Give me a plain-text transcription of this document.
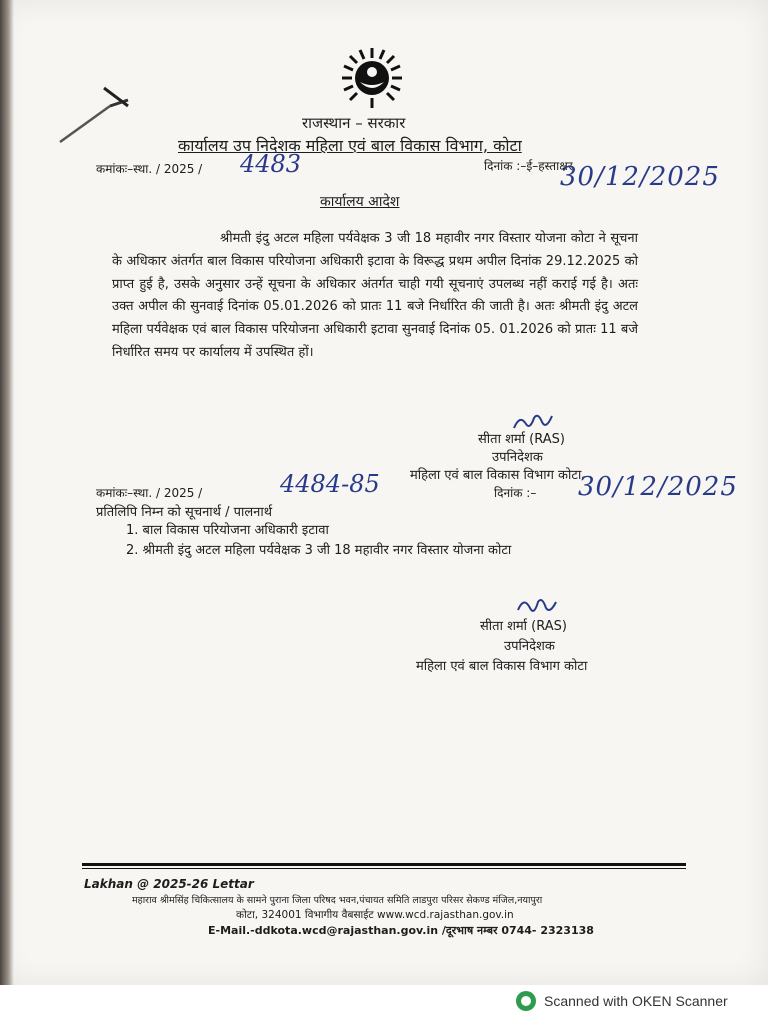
राजस्थान – सरकार
कार्यालय उप निदेशक महिला एवं बाल विकास विभाग, कोटा
कमांकः–स्था. / 2025 / 4483	दिनांक :–ई–हस्ताक्षर
30/12/2025
कार्यालय आदेश

श्रीमती इंदु अटल महिला पर्यवेक्षक 3 जी 18 महावीर नगर विस्तार योजना कोटा ने सूचना के अधिकार अंतर्गत बाल विकास परियोजना अधिकारी इटावा के विरूद्ध प्रथम अपील दिनांक 29.12.2025 को प्राप्त हुई है, उसके अनुसार उन्हें सूचना के अधिकार अंतर्गत चाही गयी सूचनाएं उपलब्ध नहीं कराई गई है। अतः उक्त अपील की सुनवाई दिनांक 05.01.2026 को प्रातः 11 बजे निर्धारित की जाती है। अतः श्रीमती इंदु अटल महिला पर्यवेक्षक एवं बाल विकास परियोजना अधिकारी इटावा सुनवाई दिनांक 05. 01.2026 को प्रातः 11 बजे निर्धारित समय पर कार्यालय में उपस्थित हों।

सीता शर्मा (RAS)
उपनिदेशक
महिला एवं बाल विकास विभाग कोटा
कमांकः–स्था. / 2025 /	4484-85	दिनांक :– 30/12/2025
प्रतिलिपि निम्न को सूचनार्थ / पालनार्थ
1. बाल विकास परियोजना अधिकारी इटावा
2. श्रीमती इंदु अटल महिला पर्यवेक्षक 3 जी 18 महावीर नगर विस्तार योजना कोटा
सीता शर्मा (RAS)
उपनिदेशक
महिला एवं बाल विकास विभाग कोटा
Lakhan @ 2025-26 Lettar
महाराव श्रीमसिंह चिकित्सालय के सामने पुराना जिला परिषद भवन,पंचायत समिति लाडपुरा परिसर सेकण्ड मंजिल,नयापुरा
कोटा, 324001 विभागीय वैबसाईट www.wcd.rajasthan.gov.in
E-Mail.-ddkota.wcd@rajasthan.gov.in /दूरभाष नम्बर 0744- 2323138
Scanned with OKEN Scanner
